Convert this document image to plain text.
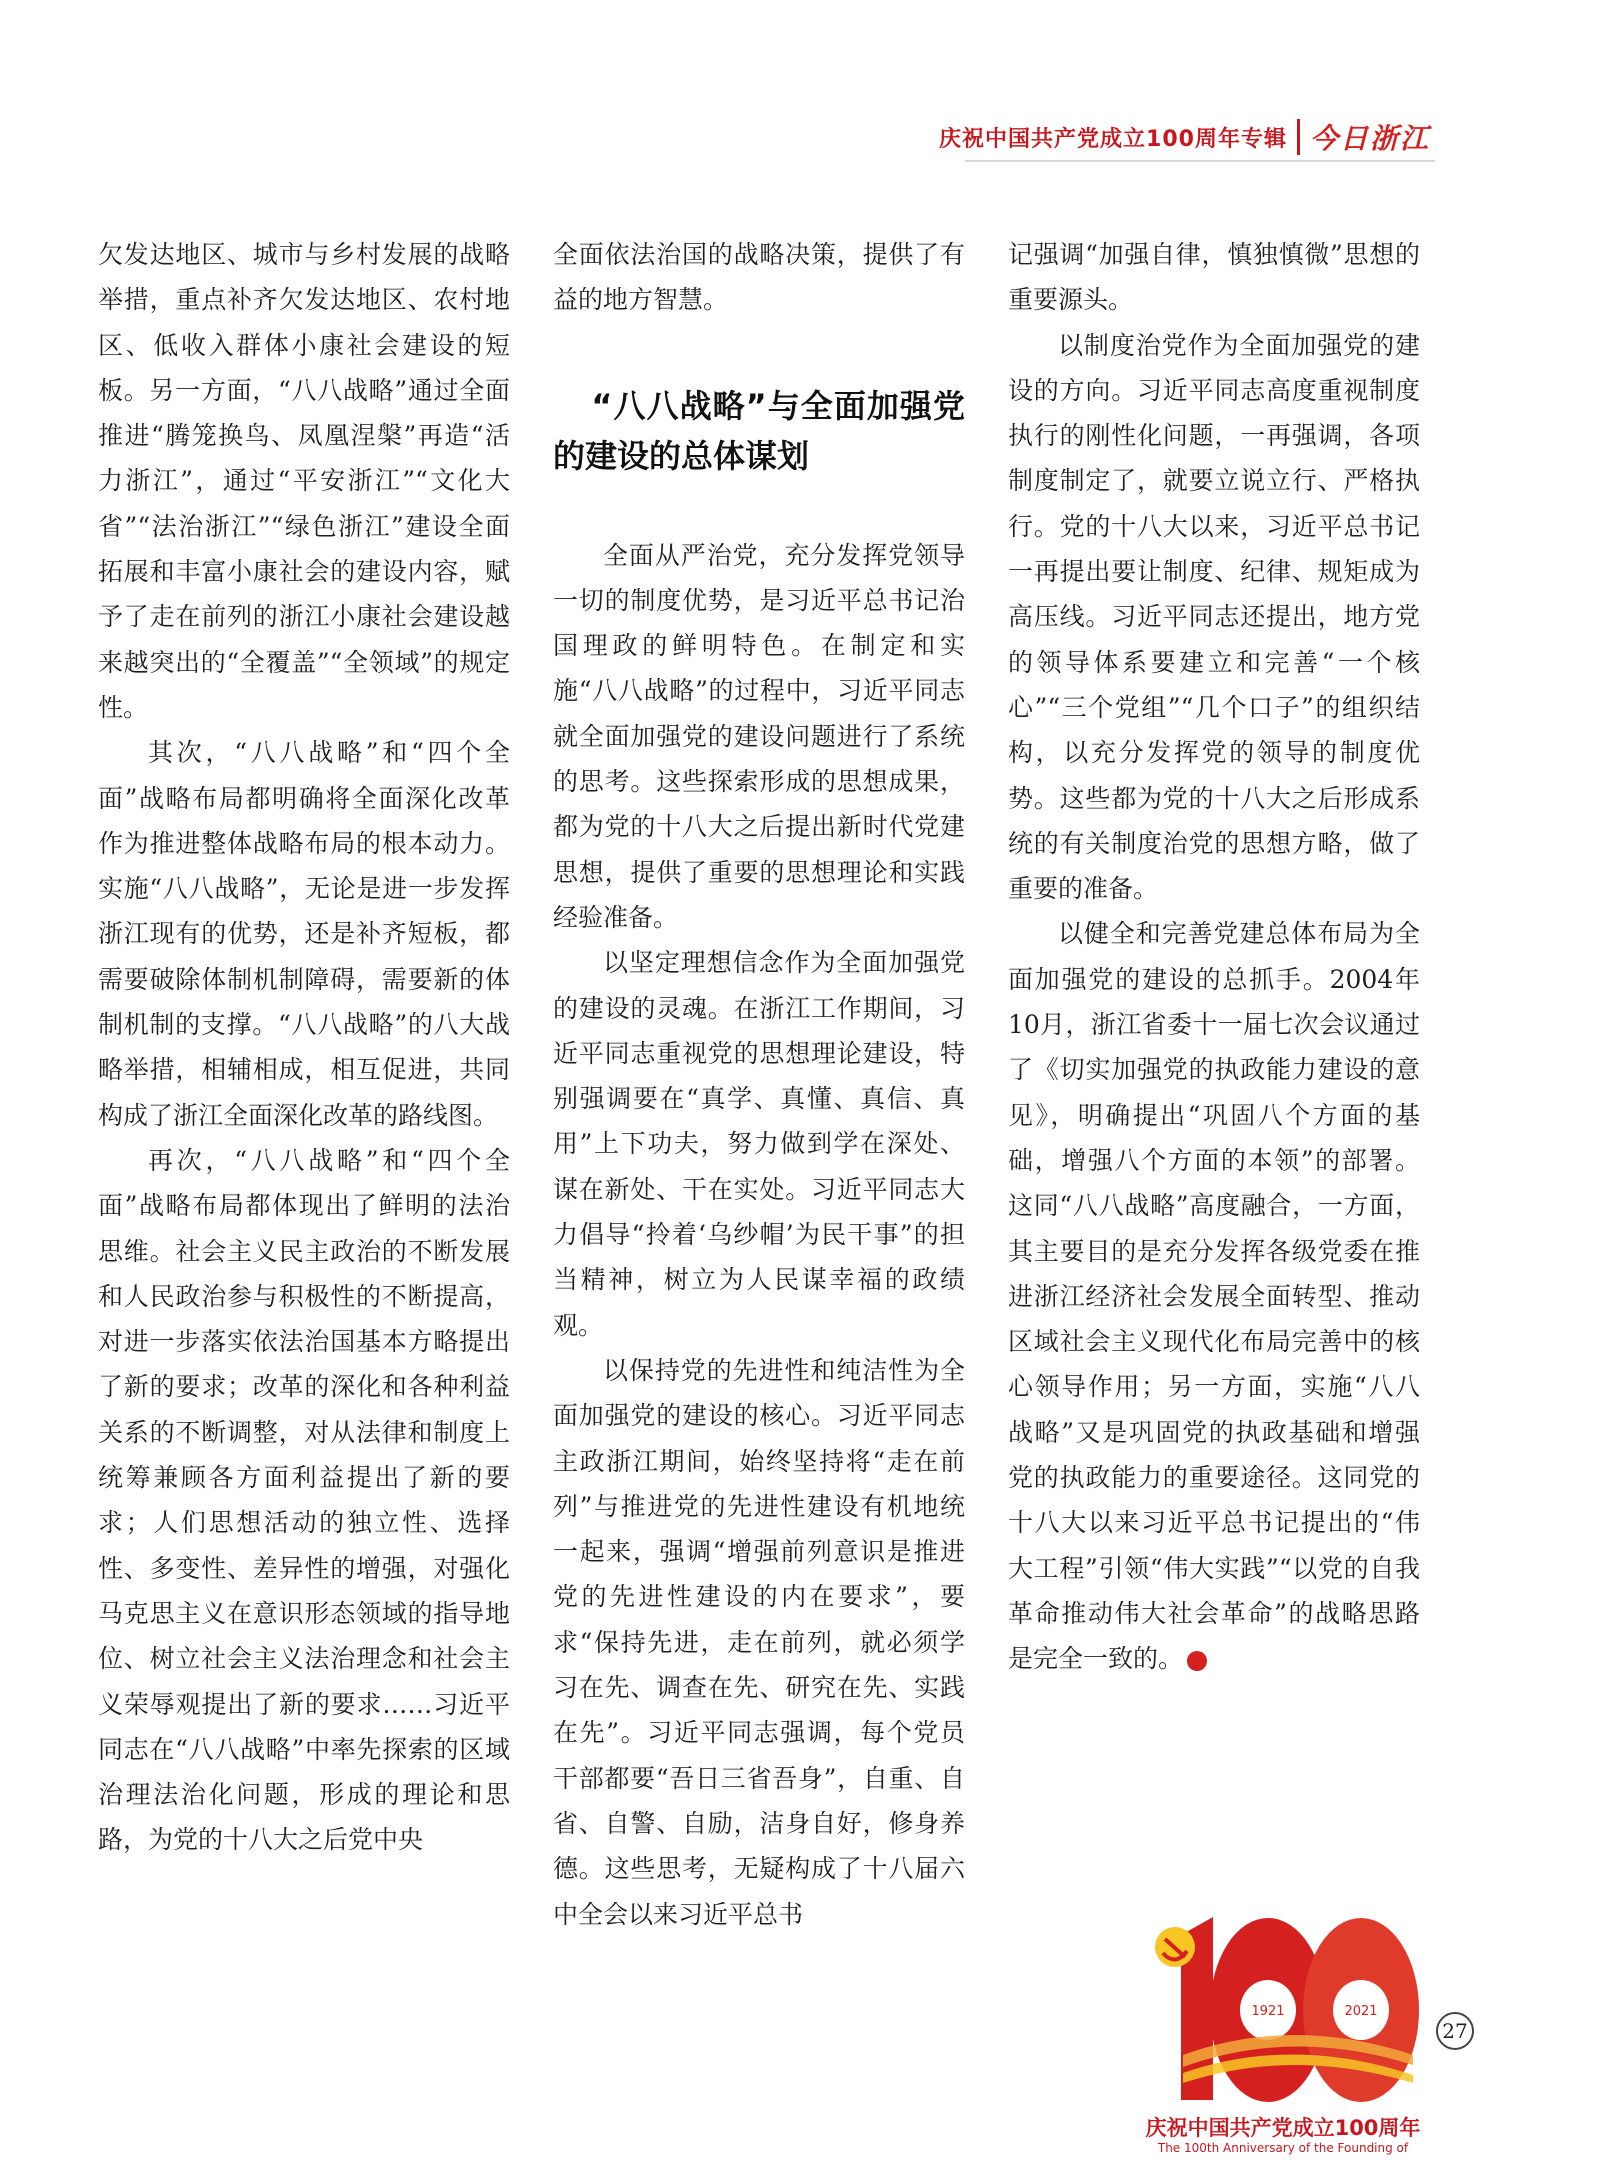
庆祝中国共产党成立100周年专辑 今日浙江

欠发达地区、城市与乡村发展的战略举措，重点补齐欠发达地区、农村地区、低收入群体小康社会建设的短板。另一方面，“八八战略”通过全面推进“腾笼换鸟、凤凰涅槃”再造“活力浙江”，通过“平安浙江”“文化大省”“法治浙江”“绿色浙江”建设全面拓展和丰富小康社会的建设内容，赋予了走在前列的浙江小康社会建设越来越突出的“全覆盖”“全领域”的规定性。

其次，“八八战略”和“四个全面”战略布局都明确将全面深化改革作为推进整体战略布局的根本动力。实施“八八战略”，无论是进一步发挥浙江现有的优势，还是补齐短板，都需要破除体制机制障碍，需要新的体制机制的支撑。“八八战略”的八大战略举措，相辅相成，相互促进，共同构成了浙江全面深化改革的路线图。

再次，“八八战略”和“四个全面”战略布局都体现出了鲜明的法治思维。社会主义民主政治的不断发展和人民政治参与积极性的不断提高，对进一步落实依法治国基本方略提出了新的要求；改革的深化和各种利益关系的不断调整，对从法律和制度上统筹兼顾各方面利益提出了新的要求；人们思想活动的独立性、选择性、多变性、差异性的增强，对强化马克思主义在意识形态领域的指导地位、树立社会主义法治理念和社会主义荣辱观提出了新的要求……习近平同志在“八八战略”中率先探索的区域治理法治化问题，形成的理论和思路，为党的十八大之后党中央

全面依法治国的战略决策，提供了有益的地方智慧。

“八八战略”与全面加强党的建设的总体谋划

全面从严治党，充分发挥党领导一切的制度优势，是习近平总书记治国理政的鲜明特色。在制定和实施“八八战略”的过程中，习近平同志就全面加强党的建设问题进行了系统的思考。这些探索形成的思想成果，都为党的十八大之后提出新时代党建思想，提供了重要的思想理论和实践经验准备。

以坚定理想信念作为全面加强党的建设的灵魂。在浙江工作期间，习近平同志重视党的思想理论建设，特别强调要在“真学、真懂、真信、真用”上下功夫，努力做到学在深处、谋在新处、干在实处。习近平同志大力倡导“拎着‘乌纱帽’为民干事”的担当精神，树立为人民谋幸福的政绩观。

以保持党的先进性和纯洁性为全面加强党的建设的核心。习近平同志主政浙江期间，始终坚持将“走在前列”与推进党的先进性建设有机地统一起来，强调“增强前列意识是推进党的先进性建设的内在要求”，要求“保持先进，走在前列，就必须学习在先、调查在先、研究在先、实践在先”。习近平同志强调，每个党员干部都要“吾日三省吾身”，自重、自省、自警、自励，洁身自好，修身养德。这些思考，无疑构成了十八届六中全会以来习近平总书

记强调“加强自律，慎独慎微”思想的重要源头。

以制度治党作为全面加强党的建设的方向。习近平同志高度重视制度执行的刚性化问题，一再强调，各项制度制定了，就要立说立行、严格执行。党的十八大以来，习近平总书记一再提出要让制度、纪律、规矩成为高压线。习近平同志还提出，地方党的领导体系要建立和完善“一个核心”“三个党组”“几个口子”的组织结构，以充分发挥党的领导的制度优势。这些都为党的十八大之后形成系统的有关制度治党的思想方略，做了重要的准备。

以健全和完善党建总体布局为全面加强党的建设的总抓手。2004年10月，浙江省委十一届七次会议通过了《切实加强党的执政能力建设的意见》，明确提出“巩固八个方面的基础，增强八个方面的本领”的部署。这同“八八战略”高度融合，一方面，其主要目的是充分发挥各级党委在推进浙江经济社会发展全面转型、推动区域社会主义现代化布局完善中的核心领导作用；另一方面，实施“八八战略”又是巩固党的执政基础和增强党的执政能力的重要途径。这同党的十八大以来习近平总书记提出的“伟大工程”引领“伟大实践”“以党的自我革命推动伟大社会革命”的战略思路是完全一致的。	今

1921	2021
庆祝中国共产党成立100周年
The 100th Anniversary of the Founding of
27
